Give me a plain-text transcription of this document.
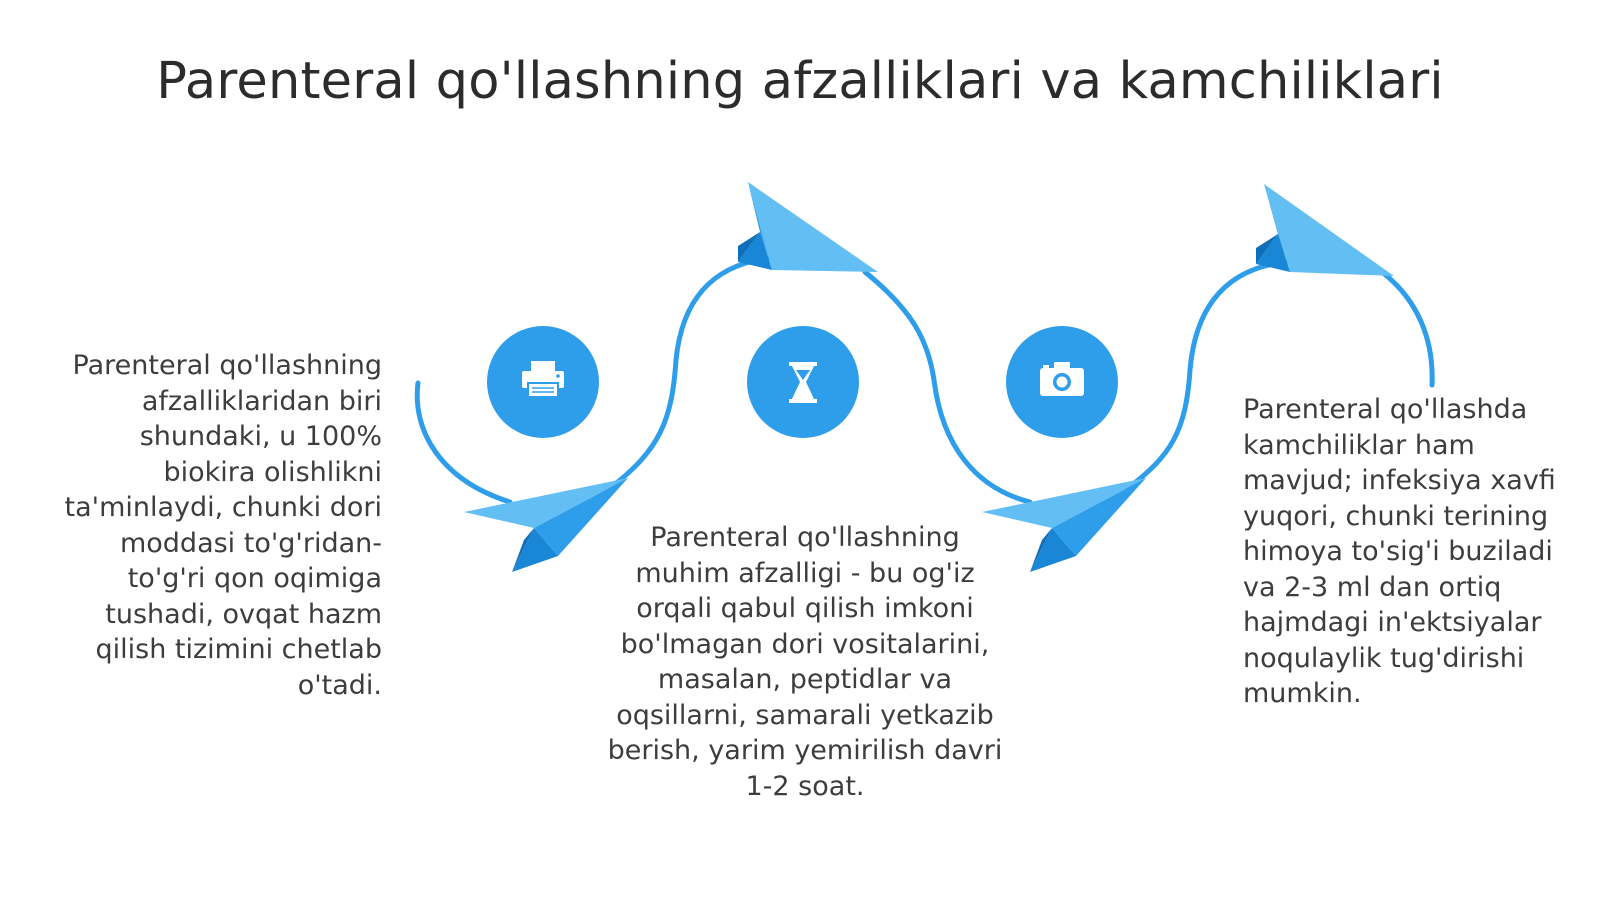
Parenteral qo'llashning afzalliklari va kamchiliklari
Parenteral qo'llashning afzalliklaridan biri shundaki, u 100% biokira olishlikni ta'minlaydi, chunki dori moddasi to'g'ridan-to'g'ri qon oqimiga tushadi, ovqat hazm qilish tizimini chetlab o'tadi.
Parenteral qo'llashning muhim afzalligi - bu og'iz orqali qabul qilish imkoni bo'lmagan dori vositalarini, masalan, peptidlar va oqsillarni, samarali yetkazib berish, yarim yemirilish davri 1-2 soat.
Parenteral qo'llashda kamchiliklar ham mavjud; infeksiya xavfi yuqori, chunki terining himoya to'sig'i buziladi va 2-3 ml dan ortiq hajmdagi in'ektsiyalar noqulaylik tug'dirishi mumkin.
